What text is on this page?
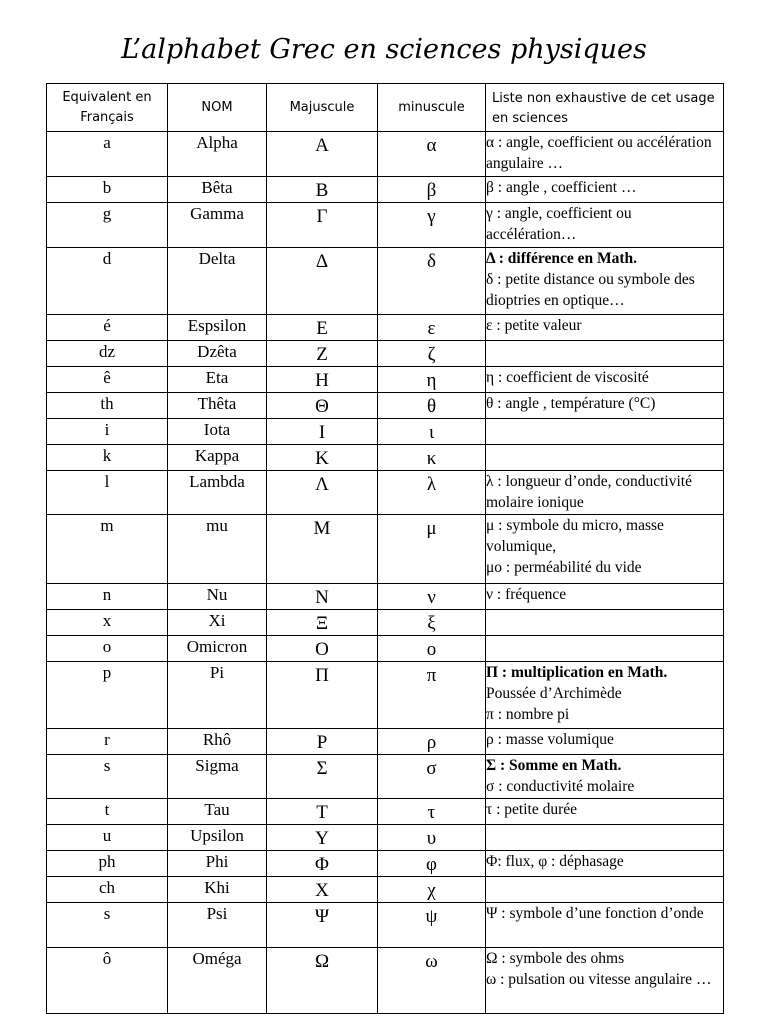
L’alphabet Grec en sciences physiques
Equivalent en Français	NOM	Majuscule	minuscule	Liste non exhaustive de cet usage en sciences
a	Alpha	Α	α	α : angle, coefficient ou accélération angulaire …

b	Bêta	Β	β	β : angle , coefficient …

g	Gamma	Γ	γ	γ : angle, coefficient ou accélération…

d	Delta	Δ	δ	Δ : différence en Math.
δ : petite distance ou symbole des dioptries en optique…

é	Espsilon	Ε	ε	ε : petite valeur

dz	Dzêta	Ζ	ζ	
ê	Eta	Η	η	η : coefficient de viscosité

th	Thêta	Θ	θ	θ : angle , température (°C)

i	Iota	Ι	ι	
k	Kappa	Κ	κ	
l	Lambda	Λ	λ	λ : longueur d’onde, conductivité molaire ionique

m	mu	Μ	μ	μ : symbole du micro, masse volumique,
μo : perméabilité du vide

n	Nu	Ν	ν	ν : fréquence

x	Xi	Ξ	ξ	
o	Omicron	Ο	ο	
p	Pi	Π	π	Π : multiplication en Math.
Poussée d’Archimède
π : nombre pi

r	Rhô	Ρ	ρ	ρ : masse volumique

s	Sigma	Σ	σ	Σ : Somme en Math.
σ : conductivité molaire

t	Tau	Τ	τ	τ : petite durée

u	Upsilon	Υ	υ	
ph	Phi	Φ	φ	Φ: flux, φ : déphasage

ch	Khi	Χ	χ	
s	Psi	Ψ	ψ	Ψ : symbole d’une fonction d’onde

ô	Oméga	Ω	ω	Ω : symbole des ohms
ω : pulsation ou vitesse angulaire …
